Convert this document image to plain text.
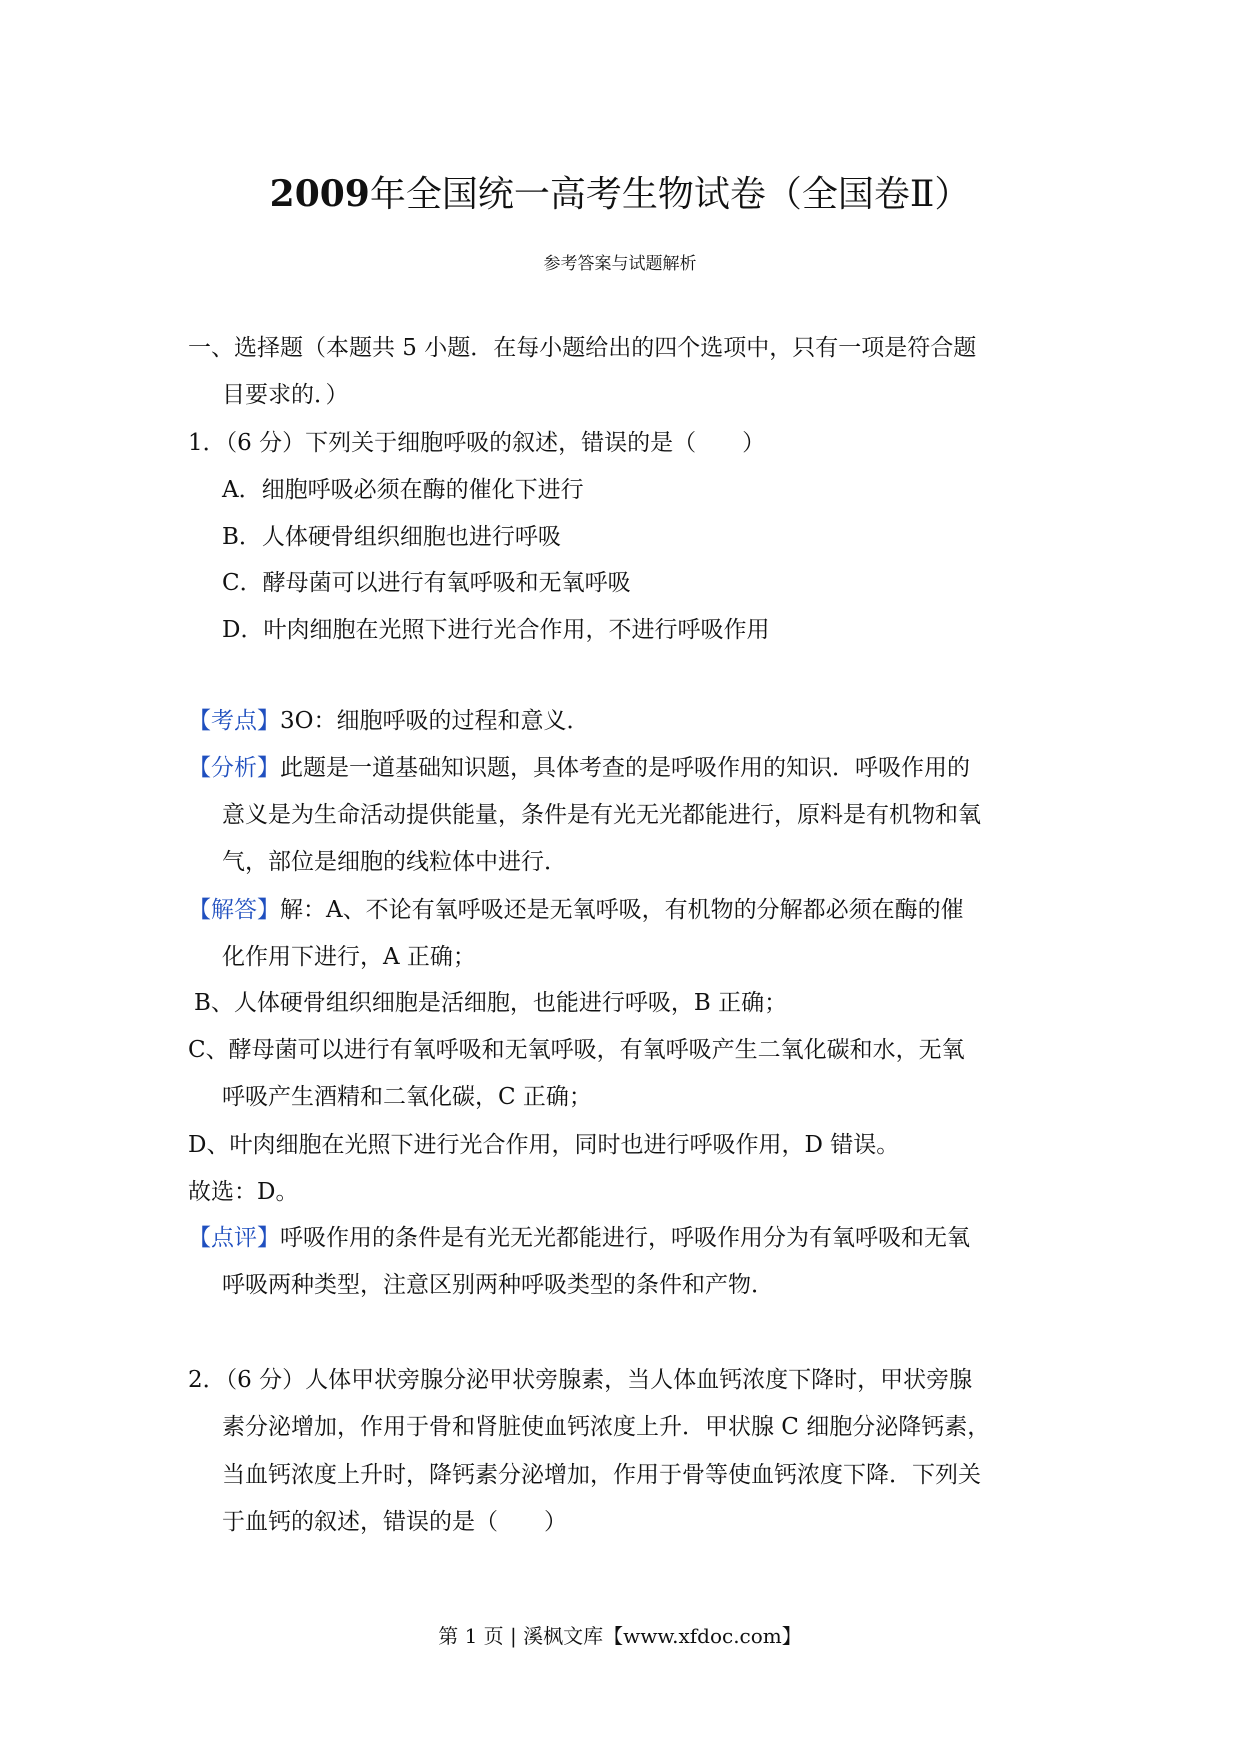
2009年全国统一高考生物试卷（全国卷Ⅱ）
参考答案与试题解析
一、选择题（本题共 5 小题．在每小题给出的四个选项中，只有一项是符合题
目要求的．）
1．（6 分）下列关于细胞呼吸的叙述，错误的是（　　）
A．细胞呼吸必须在酶的催化下进行
B．人体硬骨组织细胞也进行呼吸
C．酵母菌可以进行有氧呼吸和无氧呼吸
D．叶肉细胞在光照下进行光合作用，不进行呼吸作用
【考点】3O：细胞呼吸的过程和意义．
【分析】此题是一道基础知识题，具体考查的是呼吸作用的知识．呼吸作用的
意义是为生命活动提供能量，条件是有光无光都能进行，原料是有机物和氧
气，部位是细胞的线粒体中进行．
【解答】解：A、不论有氧呼吸还是无氧呼吸，有机物的分解都必须在酶的催
化作用下进行，A 正确；
B、人体硬骨组织细胞是活细胞，也能进行呼吸，B 正确；
C、酵母菌可以进行有氧呼吸和无氧呼吸，有氧呼吸产生二氧化碳和水，无氧
呼吸产生酒精和二氧化碳，C 正确；
D、叶肉细胞在光照下进行光合作用，同时也进行呼吸作用，D 错误。
故选：D。
【点评】呼吸作用的条件是有光无光都能进行，呼吸作用分为有氧呼吸和无氧
呼吸两种类型，注意区别两种呼吸类型的条件和产物．
2．（6 分）人体甲状旁腺分泌甲状旁腺素，当人体血钙浓度下降时，甲状旁腺
素分泌增加，作用于骨和肾脏使血钙浓度上升．甲状腺 C 细胞分泌降钙素，
当血钙浓度上升时，降钙素分泌增加，作用于骨等使血钙浓度下降．下列关
于血钙的叙述，错误的是（　　）
第 1 页 | 溪枫文库【www.xfdoc.com】
